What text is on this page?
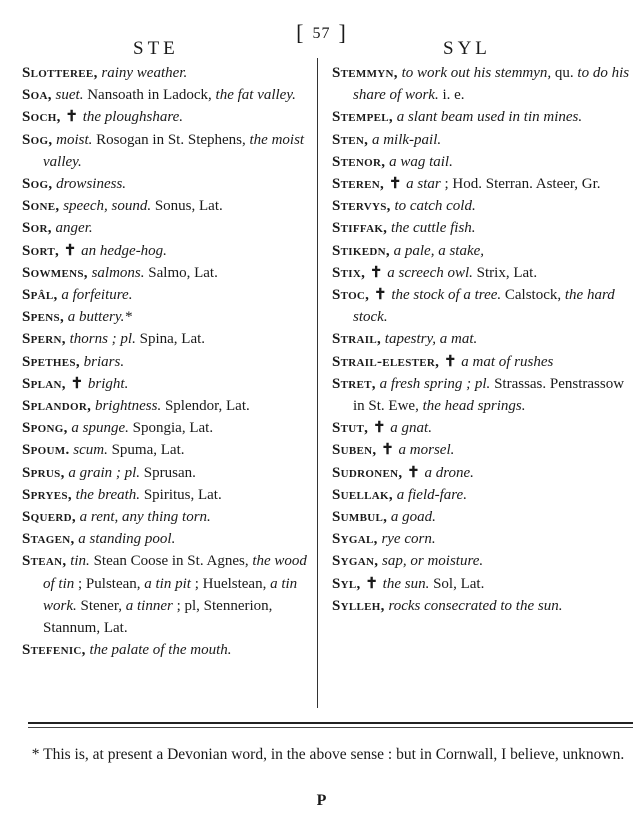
[ 57 ]
STE	SYL
Slotteree, rainy weather.
Soa, suet. Nansoath in Ladock, the fat valley.
Soch, ✝ the ploughshare.
Sog, moist. Rosogan in St. Stephens, the moist valley.
Sog, drowsiness.
Sone, speech, sound. Sonus, Lat.
Sor, anger.
Sort, ✝ an hedge-hog.
Sowmens, salmons. Salmo, Lat.
Spâl, a forfeiture.
Spens, a buttery.*
Spern, thorns ; pl. Spina, Lat.
Spethes, briars.
Splan, ✝ bright.
Splandor, brightness. Splendor, Lat.
Spong, a spunge. Spongia, Lat.
Spoum. scum. Spuma, Lat.
Sprus, a grain ; pl. Sprusan.
Spryes, the breath. Spiritus, Lat.
Squerd, a rent, any thing torn.
Stagen, a standing pool.
Stean, tin. Stean Coose in St. Agnes, the wood of tin ; Pulstean, a tin pit ; Huelstean, a tin work. Stener, a tinner ; pl, Stennerion, Stannum, Lat.
Stefenic, the palate of the mouth.
Stemmyn, to work out his stemmyn, qu. to do his share of work. i. e.
Stempel, a slant beam used in tin mines.
Sten, a milk-pail.
Stenor, a wag tail.
Steren, ✝ a star ; Hod. Sterran. Asteer, Gr.
Stervys, to catch cold.
Stiffak, the cuttle fish.
Stikedn, a pale, a stake,
Stix, ✝ a screech owl. Strix, Lat.
Stoc, ✝ the stock of a tree. Calstock, the hard stock.
Strail, tapestry, a mat.
Strail-elester, ✝ a mat of rushes
Stret, a fresh spring ; pl. Strassas. Penstrassow in St. Ewe, the head springs.
Stut, ✝ a gnat.
Suben, ✝ a morsel.
Sudronen, ✝ a drone.
Suellak, a field-fare.
Sumbul, a goad.
Sygal, rye corn.
Sygan, sap, or moisture.
Syl, ✝ the sun. Sol, Lat.
Sylleh, rocks consecrated to the sun.
* This is, at present a Devonian word, in the above sense : but in Cornwall, I believe, unknown.
P
